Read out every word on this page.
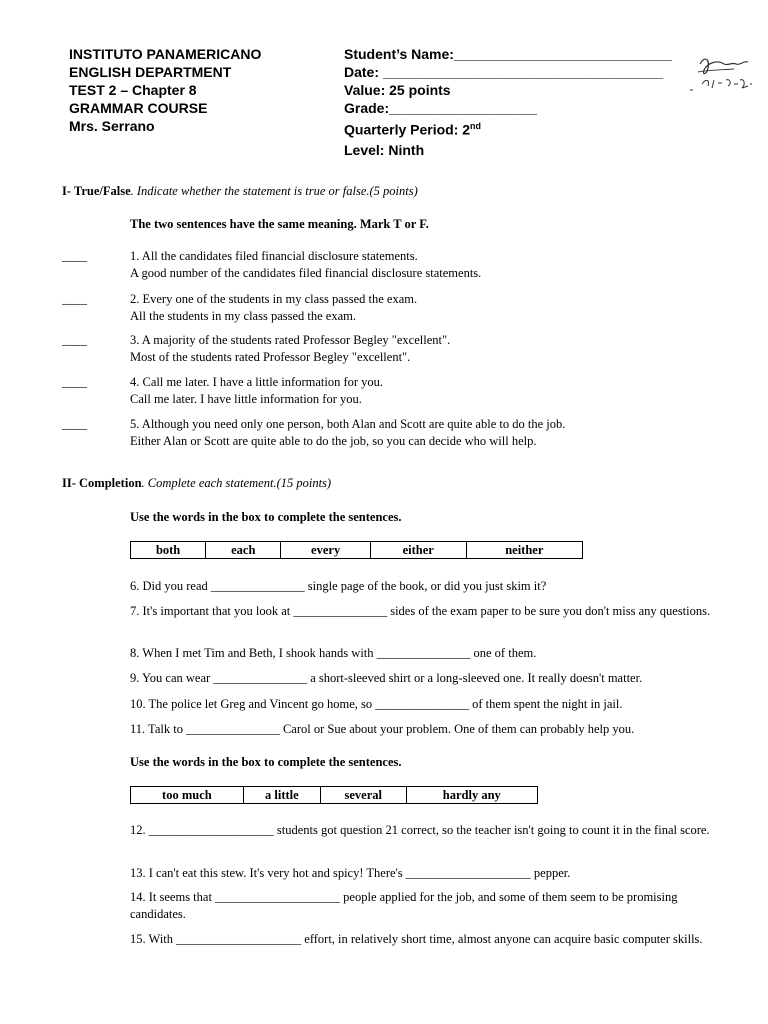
INSTITUTO PANAMERICANO
ENGLISH DEPARTMENT
TEST 2 – Chapter 8
GRAMMAR COURSE
Mrs. Serrano
Student’s Name:____________________________
Date: ____________________________________
Value: 25 points
Grade:___________________
Quarterly Period: 2nd
Level: Ninth
I- True/False. Indicate whether the statement is true or false.(5 points)
The two sentences have the same meaning. Mark T or F.
____	1. All the candidates filed financial disclosure statements.
A good number of the candidates filed financial disclosure statements.
____	2. Every one of the students in my class passed the exam.
All the students in my class passed the exam.
____	3. A majority of the students rated Professor Begley "excellent".
Most of the students rated Professor Begley "excellent".
____	4. Call me later. I have a little information for you.
Call me later. I have little information for you.
____	5. Although you need only one person, both Alan and Scott are quite able to do the job.
Either Alan or Scott are quite able to do the job, so you can decide who will help.
II- Completion. Complete each statement.(15 points)
Use the words in the box to complete the sentences.
both	each	every	either	neither
6. Did you read _______________ single page of the book, or did you just skim it?
7. It's important that you look at _______________ sides of the exam paper to be sure you don't miss any questions.
8. When I met Tim and Beth, I shook hands with _______________ one of them.
9. You can wear _______________ a short-sleeved shirt or a long-sleeved one. It really doesn't matter.
10. The police let Greg and Vincent go home, so _______________ of them spent the night in jail.
11. Talk to _______________ Carol or Sue about your problem. One of them can probably help you.
Use the words in the box to complete the sentences.
too much	a little	several	hardly any
12. ____________________ students got question 21 correct, so the teacher isn't going to count it in the final score.
13. I can't eat this stew. It's very hot and spicy! There's ____________________ pepper.
14. It seems that ____________________ people applied for the job, and some of them seem to be promising candidates.
15. With ____________________ effort, in relatively short time, almost anyone can acquire basic computer skills.
